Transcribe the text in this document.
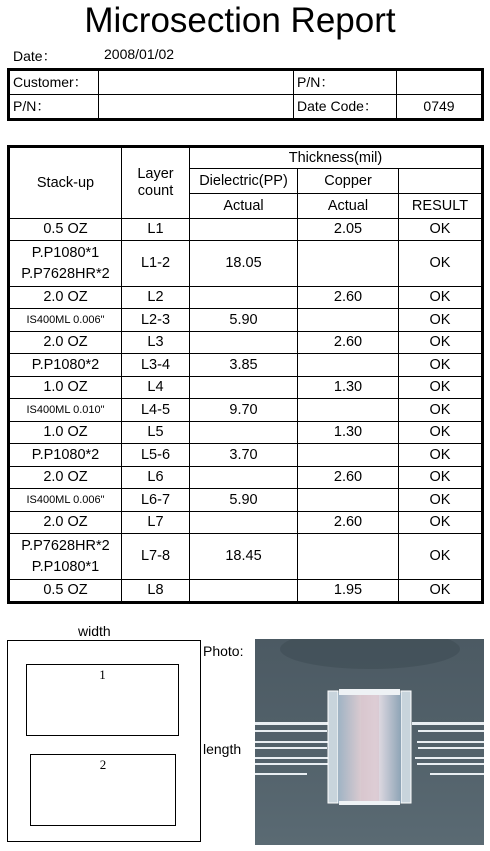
Microsection Report
Date：	2008/01/02
Customer：		P/N：	
P/N：		Date Code：	0749
Stack-up	Layer count	Thickness(mil)		
		Dielectric(PP)	Copper	
		Actual	Actual	RESULT
0.5 OZ	L1		2.05	OK
P.P1080*1
P.P7628HR*2	L1-2	18.05		OK
2.0 OZ	L2		2.60	OK
IS400ML 0.006"	L2-3	5.90		OK
2.0 OZ	L3		2.60	OK
P.P1080*2	L3-4	3.85		OK
1.0 OZ	L4		1.30	OK
IS400ML 0.010"	L4-5	9.70		OK
1.0 OZ	L5		1.30	OK
P.P1080*2	L5-6	3.70		OK
2.0 OZ	L6		2.60	OK
IS400ML 0.006"	L6-7	5.90		OK
2.0 OZ	L7		2.60	OK
P.P7628HR*2
P.P1080*1	L7-8	18.45		OK
0.5 OZ	L8		1.95	OK
width
1
2
Photo:
length
